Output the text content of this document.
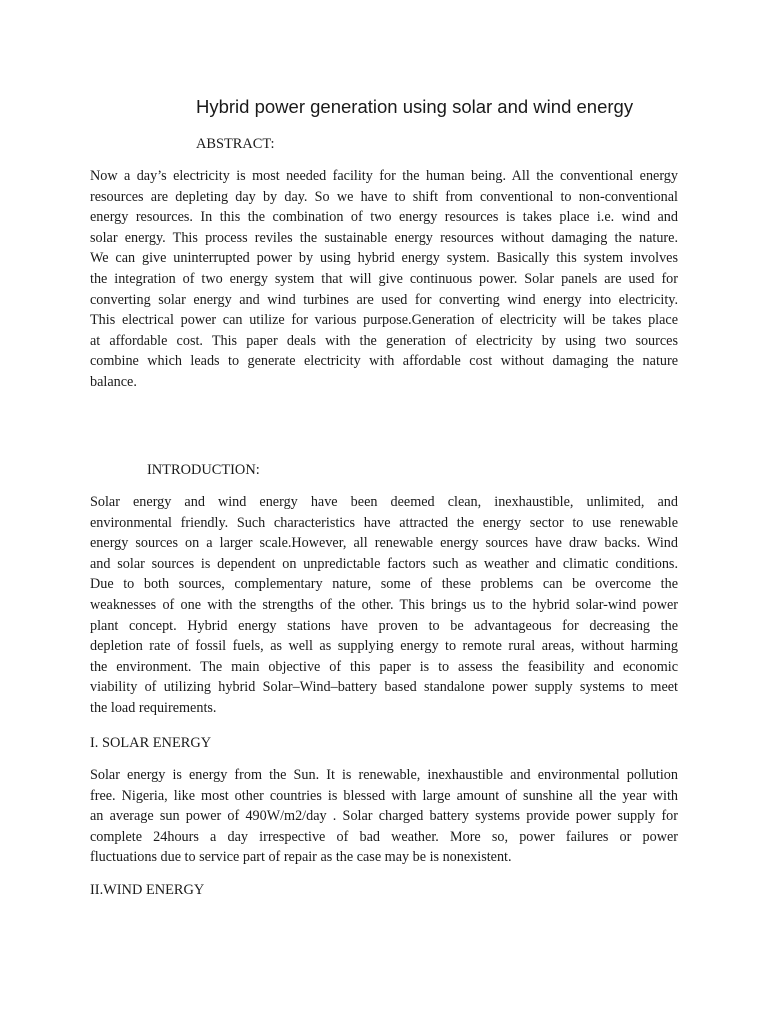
Hybrid power generation using solar and wind energy
ABSTRACT:
Now a day’s electricity is most needed facility for the human being. All the conventional energy
resources are depleting day by day. So we have to shift from conventional to non-conventional
energy resources. In this the combination of two energy resources is takes place i.e. wind and
solar energy. This process reviles the sustainable energy resources without damaging the nature.
We can give uninterrupted power by using hybrid energy system. Basically this system involves
the integration of two energy system that will give continuous power. Solar panels are used for
converting solar energy and wind turbines are used for converting wind energy into electricity.
This electrical power can utilize for various purpose.Generation of electricity will be takes place
at affordable cost. This paper deals with the generation of electricity by using two sources
combine which leads to generate electricity with affordable cost without damaging the nature
balance.
INTRODUCTION:
Solar energy and wind energy have been deemed clean, inexhaustible, unlimited, and
environmental friendly. Such characteristics have attracted the energy sector to use renewable
energy sources on a larger scale.However, all renewable energy sources have draw backs. Wind
and solar sources is dependent on unpredictable factors such as weather and climatic conditions.
Due to both sources, complementary nature, some of these problems can be overcome the
weaknesses of one with the strengths of the other. This brings us to the hybrid solar-wind power
plant concept. Hybrid energy stations have proven to be advantageous for decreasing the
depletion rate of fossil fuels, as well as supplying energy to remote rural areas, without harming
the environment. The main objective of this paper is to assess the feasibility and economic
viability of utilizing hybrid Solar–Wind–battery based standalone power supply systems to meet
the load requirements.
I. SOLAR ENERGY
Solar energy is energy from the Sun. It is renewable, inexhaustible and environmental pollution
free. Nigeria, like most other countries is blessed with large amount of sunshine all the year with
an average sun power of 490W/m2/day . Solar charged battery systems provide power supply for
complete 24hours a day irrespective of bad weather. More so, power failures or power
fluctuations due to service part of repair as the case may be is nonexistent.
II.WIND ENERGY
